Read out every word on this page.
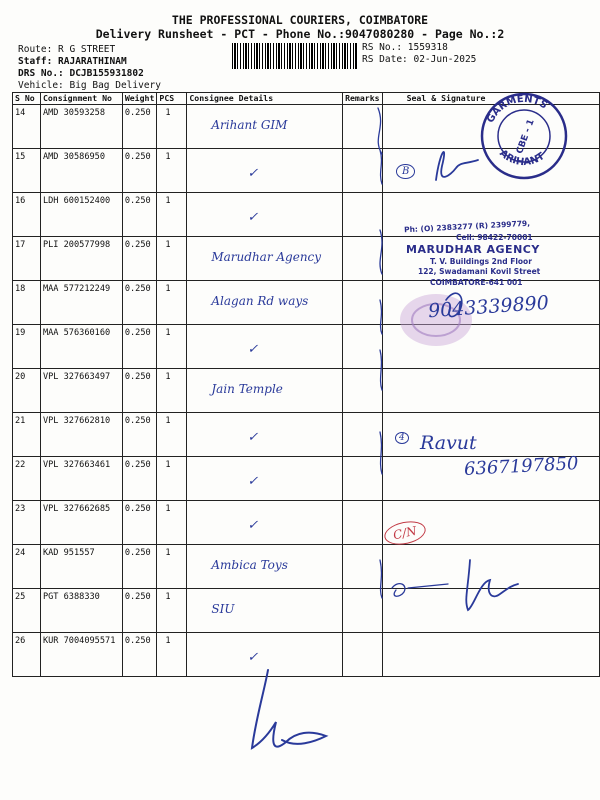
THE PROFESSIONAL COURIERS, COIMBATORE
Delivery Runsheet - PCT - Phone No.:9047080280 - Page No.:2
Route: R G STREET
Staff: RAJARATHINAM
DRS No.: DCJB155931802
Vehicle: Big Bag Delivery
RS No.: 1559318
RS Date: 02-Jun-2025
S No	Consignment No	Weight	PCS	Consignee Details	Remarks	Seal & Signature
14	AMD 30593258	0.250	1	Arihant GIM		
15	AMD 30586950	0.250	1	✓		
16	LDH 600152400	0.250	1	✓		
17	PLI 200577998	0.250	1	Marudhar Agency		
18	MAA 577212249	0.250	1	Alagan Rd ways		
19	MAA 576360160	0.250	1	✓		
20	VPL 327663497	0.250	1	Jain Temple		
21	VPL 327662810	0.250	1	✓		
22	VPL 327663461	0.250	1	✓		
23	VPL 327662685	0.250	1	✓		
24	KAD 951557	0.250	1	Ambica Toys		
25	PGT 6388330	0.250	1	SIU		
26	KUR 7004095571	0.250	1	✓		
GARMENTS
ARIHANT
CBE - 1
Ph: (O) 2383277 (R) 2399779,
Cell: 98422-70001
MARUDHAR AGENCY
T. V. Buildings 2nd Floor
122, Swadamani Kovil Street
COIMBATORE-641 001
9043339890
Ravut
6367197850
B
4
C/N
